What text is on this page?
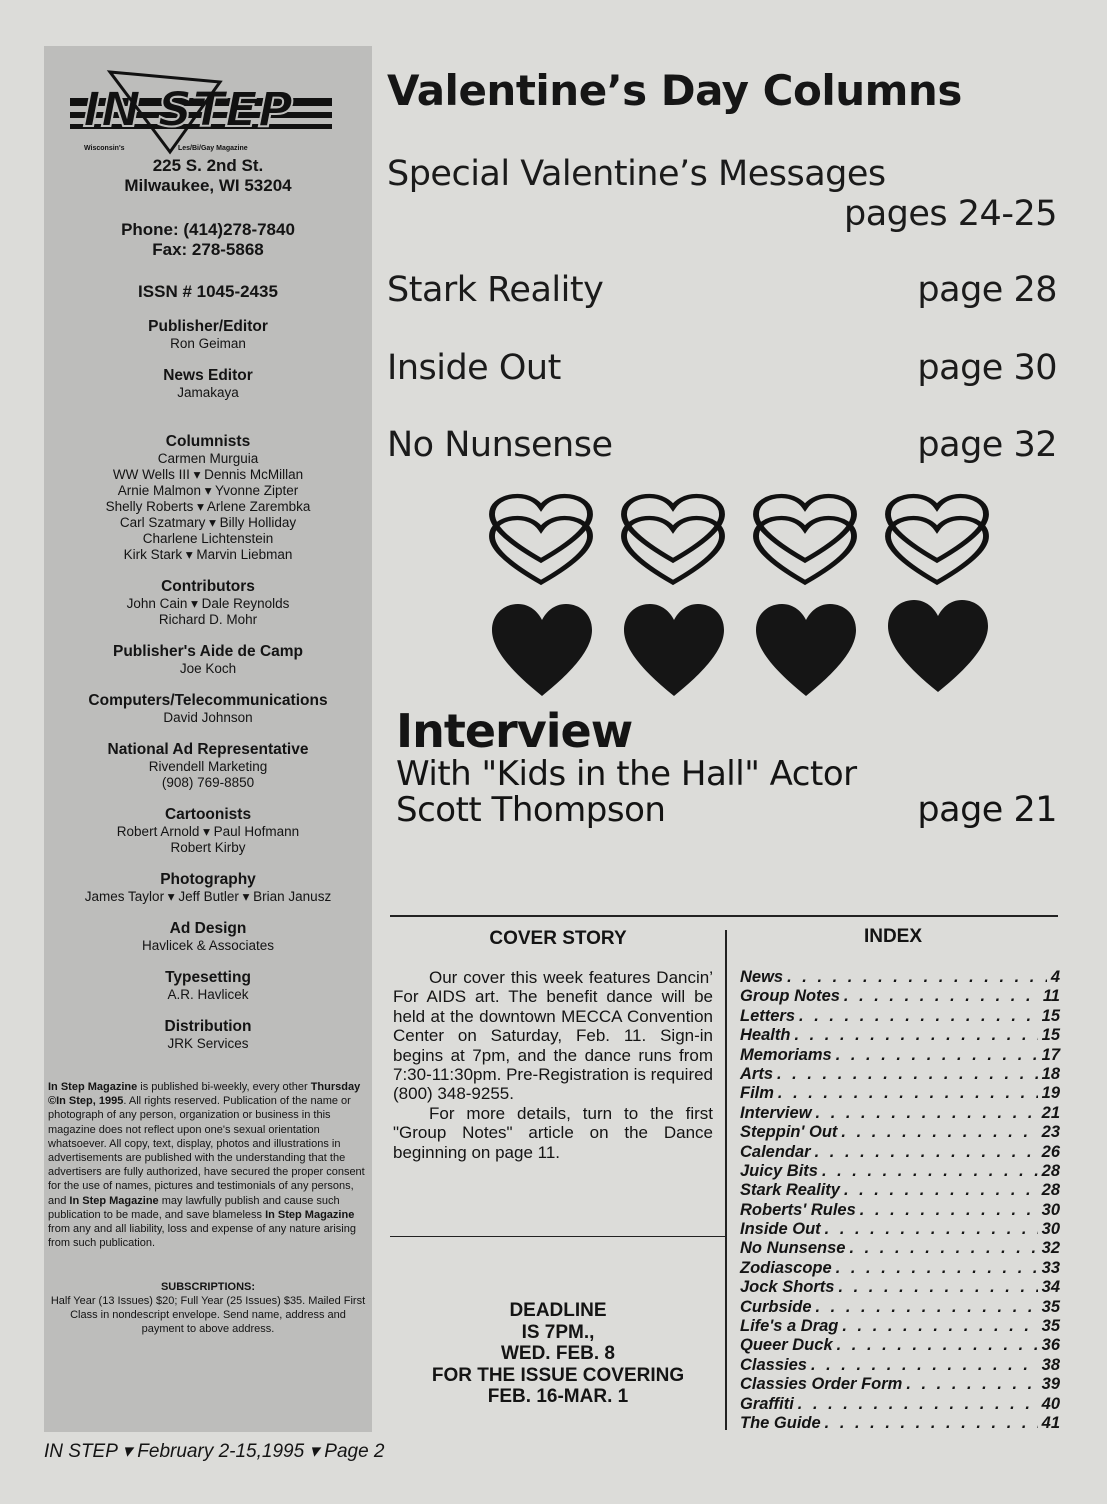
IN STEP
Wisconsin's	Les/Bi/Gay Magazine
225 S. 2nd St.
Milwaukee, WI 53204
Phone: (414)278-7840
Fax: 278-5868
ISSN # 1045-2435
Publisher/Editor
Ron Geiman
News Editor
Jamakaya
Columnists
Carmen Murguia
WW Wells III ▾ Dennis McMillan
Arnie Malmon ▾ Yvonne Zipter
Shelly Roberts ▾ Arlene Zarembka
Carl Szatmary ▾ Billy Holliday
Charlene Lichtenstein
Kirk Stark ▾ Marvin Liebman
Contributors
John Cain ▾ Dale Reynolds
Richard D. Mohr
Publisher's Aide de Camp
Joe Koch
Computers/Telecommunications
David Johnson
National Ad Representative
Rivendell Marketing
(908) 769-8850
Cartoonists
Robert Arnold ▾ Paul Hofmann
Robert Kirby
Photography
James Taylor ▾ Jeff Butler ▾ Brian Janusz
Ad Design
Havlicek & Associates
Typesetting
A.R. Havlicek
Distribution
JRK Services
In Step Magazine is published bi-weekly, every other Thursday ©In Step, 1995. All rights reserved. Publication of the name or photograph of any person, organization or business in this magazine does not reflect upon one's sexual orientation whatsoever. All copy, text, display, photos and illustrations in advertisements are published with the understanding that the advertisers are fully authorized, have secured the proper consent for the use of names, pictures and testimonials of any persons, and In Step Magazine may lawfully publish and cause such publication to be made, and save blameless In Step Magazine from any and all liability, loss and expense of any nature arising from such publication.
SUBSCRIPTIONS:
Half Year (13 Issues) $20; Full Year (25 Issues) $35. Mailed First Class in nondescript envelope. Send name, address and payment to above address.
Valentine’s Day Columns
Special Valentine’s Messages
pages 24-25
Stark Reality	page 28
Inside Out	page 30
No Nunsense	page 32
Interview
With "Kids in the Hall" Actor
Scott Thompson	page 21
COVER STORY

Our cover this week features Dancin’ For AIDS art. The benefit dance will be held at the downtown MECCA Convention Center on Saturday, Feb. 11. Sign-in begins at 7pm, and the dance runs from 7:30-11:30pm. Pre-Registration is required (800) 348-9255.

For more details, turn to the first "Group Notes" article on the Dance beginning on page 11.

DEADLINE
IS 7PM.,
WED. FEB. 8
FOR THE ISSUE COVERING
FEB. 16-MAR. 1
INDEX
News . . .	4
Group Notes . . .	11
Letters . . .	15
Health . . .	15
Memoriams . . .	17
Arts . . .	18
Film . . .	19
Interview . . .	21
Steppin' Out . . .	23
Calendar . . .	26
Juicy Bits . . .	28
Stark Reality . . .	28
Roberts' Rules . . .	30
Inside Out . . .	30
No Nunsense . . .	32
Zodiascope . . .	33
Jock Shorts . . .	34
Curbside . . .	35
Life's a Drag . . .	35
Queer Duck . . .	36
Classies . . .	38
Classies Order Form . . .	39
Graffiti . . .	40
The Guide . . .	41
IN STEP ▾ February 2-15,1995 ▾ Page 2
